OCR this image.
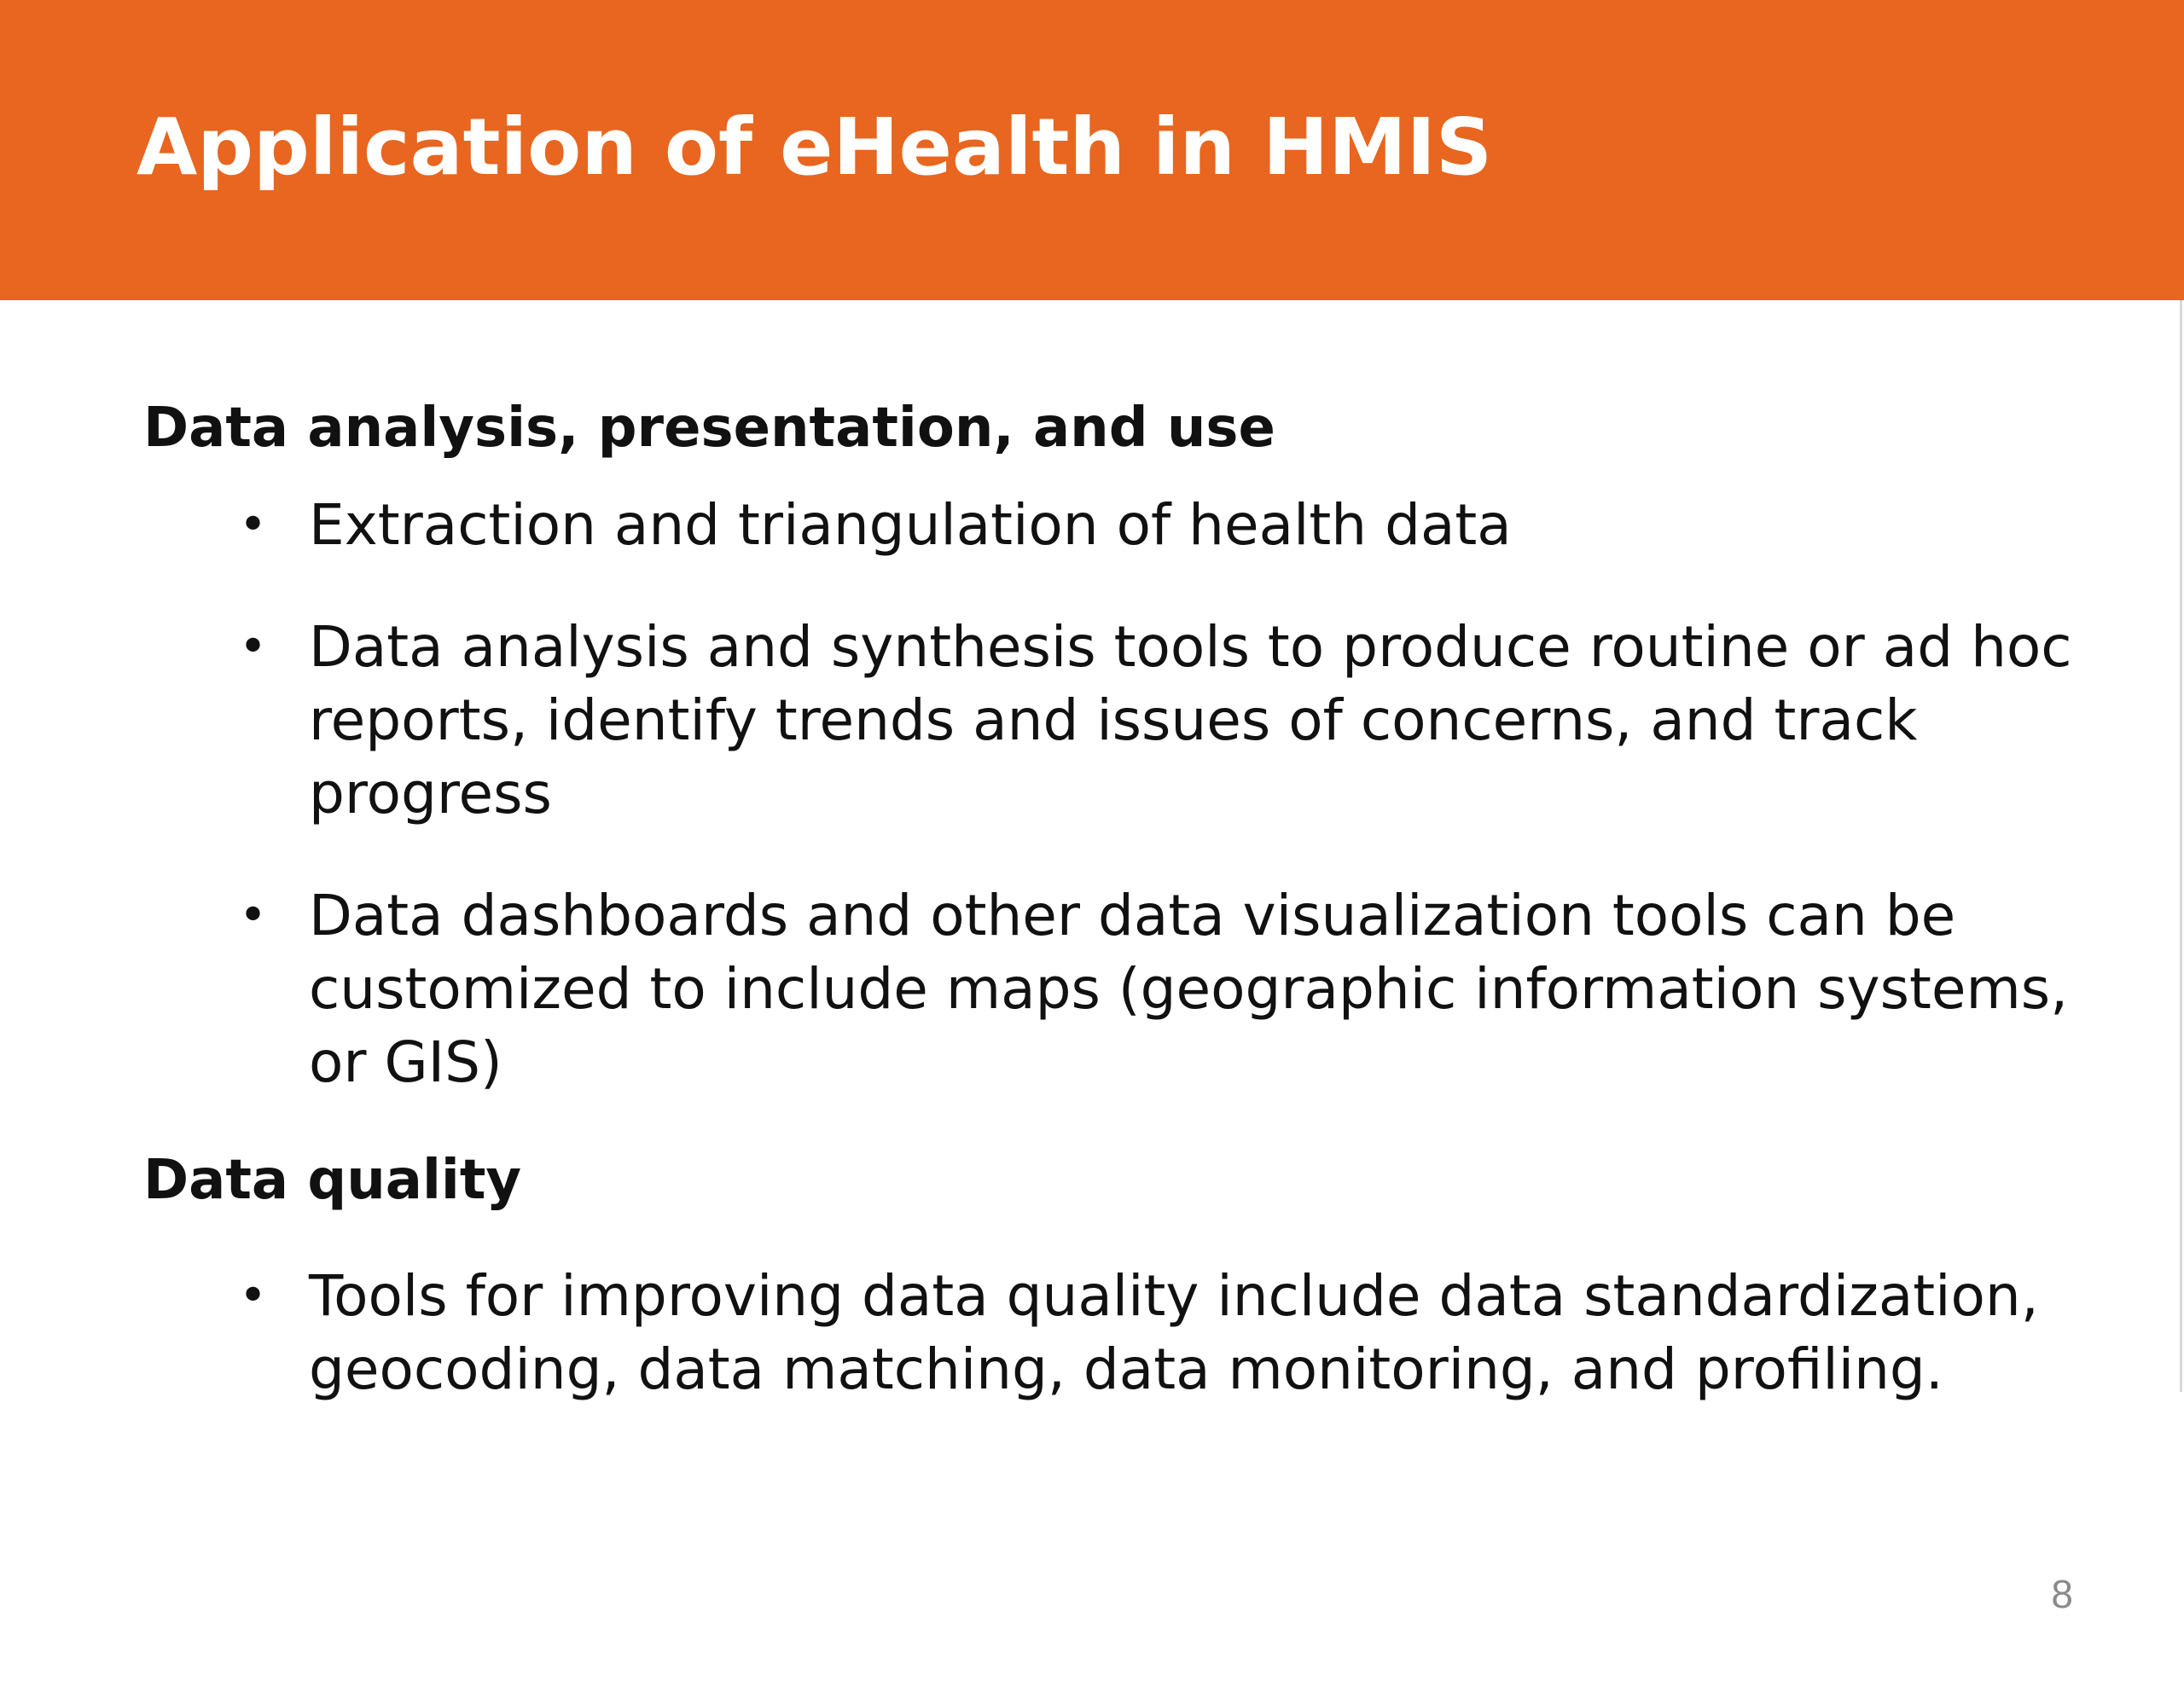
Application of eHealth in HMIS
Data analysis, presentation, and use
• Extraction and triangulation of health data
• Data analysis and synthesis tools to produce routine or ad hoc reports, identify trends and issues of concerns, and track progress
• Data dashboards and other data visualization tools can be customized to include maps (geographic information systems, or GIS)
Data quality
• Tools for improving data quality include data standardization, geocoding, data matching, data monitoring, and profiling.
8
